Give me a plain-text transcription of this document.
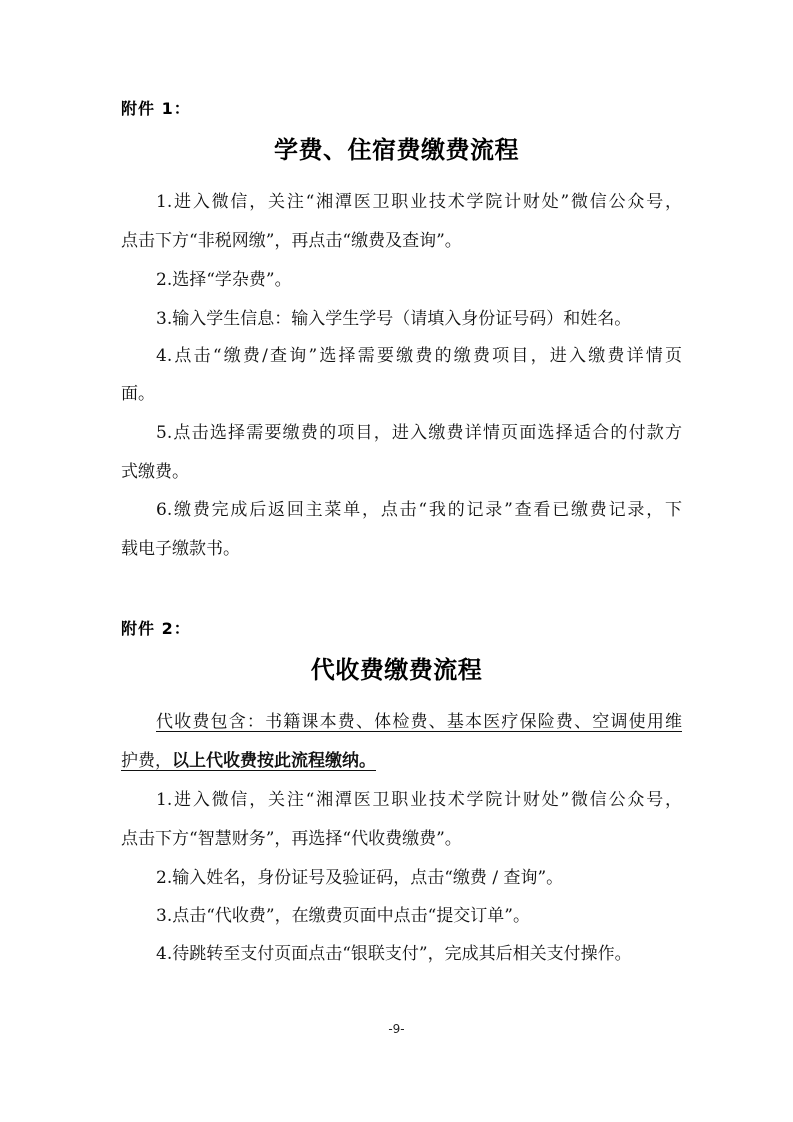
附件 1：
学费、住宿费缴费流程
1.进入微信，关注“湘潭医卫职业技术学院计财处”微信公众号，
点击下方“非税网缴”，再点击“缴费及查询”。
2.选择“学杂费”。
3.输入学生信息：输入学生学号（请填入身份证号码）和姓名。
4.点击“缴费/查询”选择需要缴费的缴费项目，进入缴费详情页
面。
5.点击选择需要缴费的项目，进入缴费详情页面选择适合的付款方
式缴费。
6.缴费完成后返回主菜单，点击“我的记录”查看已缴费记录，下
载电子缴款书。
附件 2：
代收费缴费流程
代收费包含：书籍课本费、体检费、基本医疗保险费、空调使用维
护费，以上代收费按此流程缴纳。
1.进入微信，关注“湘潭医卫职业技术学院计财处”微信公众号，
点击下方“智慧财务”，再选择“代收费缴费”。
2.输入姓名，身份证号及验证码，点击“缴费 / 查询”。
3.点击“代收费”，在缴费页面中点击“提交订单”。
4.待跳转至支付页面点击“银联支付”，完成其后相关支付操作。
-9-
